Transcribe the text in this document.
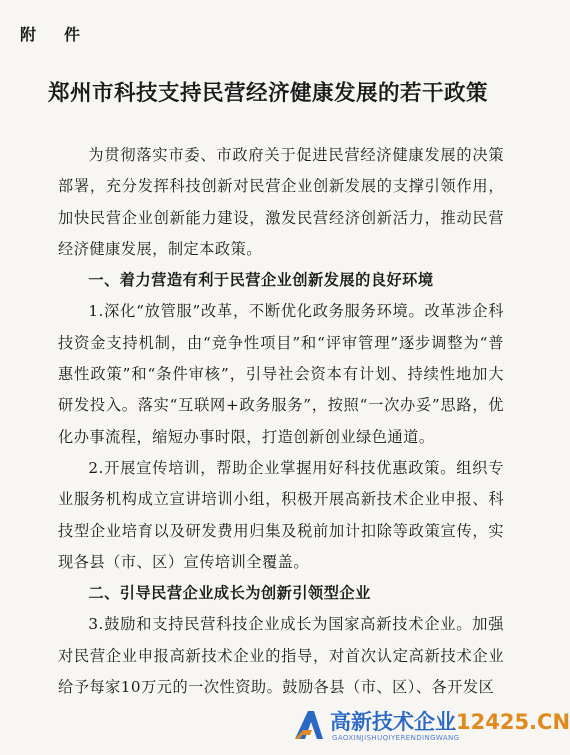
附　件
郑州市科技支持民营经济健康发展的若干政策

为贯彻落实市委、市政府关于促进民营经济健康发展的决策部署，充分发挥科技创新对民营企业创新发展的支撑引领作用，加快民营企业创新能力建设，激发民营经济创新活力，推动民营经济健康发展，制定本政策。

一、着力营造有利于民营企业创新发展的良好环境

1.深化“放管服”改革，不断优化政务服务环境。改革涉企科技资金支持机制，由“竞争性项目”和“评审管理”逐步调整为“普惠性政策”和“条件审核”，引导社会资本有计划、持续性地加大研发投入。落实“互联网+政务服务”，按照“一次办妥”思路，优化办事流程，缩短办事时限，打造创新创业绿色通道。

2.开展宣传培训，帮助企业掌握用好科技优惠政策。组织专业服务机构成立宣讲培训小组，积极开展高新技术企业申报、科技型企业培育以及研发费用归集及税前加计扣除等政策宣传，实现各县（市、区）宣传培训全覆盖。

二、引导民营企业成长为创新引领型企业

3.鼓励和支持民营科技企业成长为国家高新技术企业。加强对民营企业申报高新技术企业的指导，对首次认定高新技术企业给予每家10万元的一次性资助。鼓励各县（市、区）、各开发区

高新技术企业12425.CN
GAOXINJISHUQIYERENDINGWANG
